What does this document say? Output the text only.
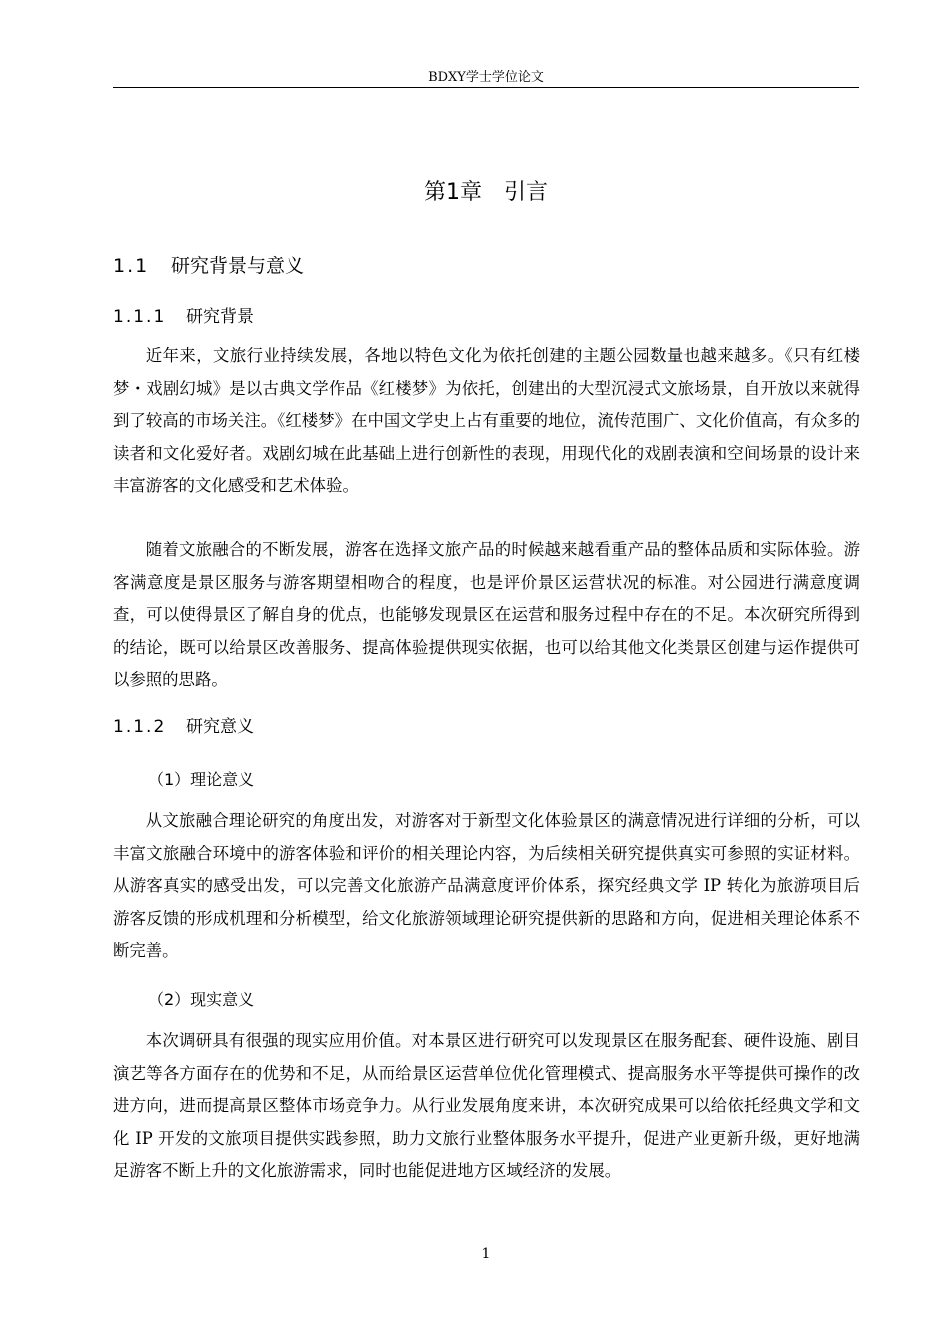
BDXY学士学位论文
第1章 引言
1.1 研究背景与意义
1.1.1 研究背景

近年来，文旅行业持续发展，各地以特色文化为依托创建的主题公园数量也越来越多。《只有红楼梦・戏剧幻城》是以古典文学作品《红楼梦》为依托，创建出的大型沉浸式文旅场景，自开放以来就得到了较高的市场关注。《红楼梦》在中国文学史上占有重要的地位，流传范围广、文化价值高，有众多的读者和文化爱好者。戏剧幻城在此基础上进行创新性的表现，用现代化的戏剧表演和空间场景的设计来丰富游客的文化感受和艺术体验。

随着文旅融合的不断发展，游客在选择文旅产品的时候越来越看重产品的整体品质和实际体验。游客满意度是景区服务与游客期望相吻合的程度，也是评价景区运营状况的标准。对公园进行满意度调查，可以使得景区了解自身的优点，也能够发现景区在运营和服务过程中存在的不足。本次研究所得到的结论，既可以给景区改善服务、提高体验提供现实依据，也可以给其他文化类景区创建与运作提供可以参照的思路。

1.1.2 研究意义
（1）理论意义

从文旅融合理论研究的角度出发，对游客对于新型文化体验景区的满意情况进行详细的分析，可以丰富文旅融合环境中的游客体验和评价的相关理论内容，为后续相关研究提供真实可参照的实证材料。从游客真实的感受出发，可以完善文化旅游产品满意度评价体系，探究经典文学 IP 转化为旅游项目后游客反馈的形成机理和分析模型，给文化旅游领域理论研究提供新的思路和方向，促进相关理论体系不断完善。

（2）现实意义

本次调研具有很强的现实应用价值。对本景区进行研究可以发现景区在服务配套、硬件设施、剧目演艺等各方面存在的优势和不足，从而给景区运营单位优化管理模式、提高服务水平等提供可操作的改进方向，进而提高景区整体市场竞争力。从行业发展角度来讲，本次研究成果可以给依托经典文学和文化 IP 开发的文旅项目提供实践参照，助力文旅行业整体服务水平提升，促进产业更新升级，更好地满足游客不断上升的文化旅游需求，同时也能促进地方区域经济的发展。

1
